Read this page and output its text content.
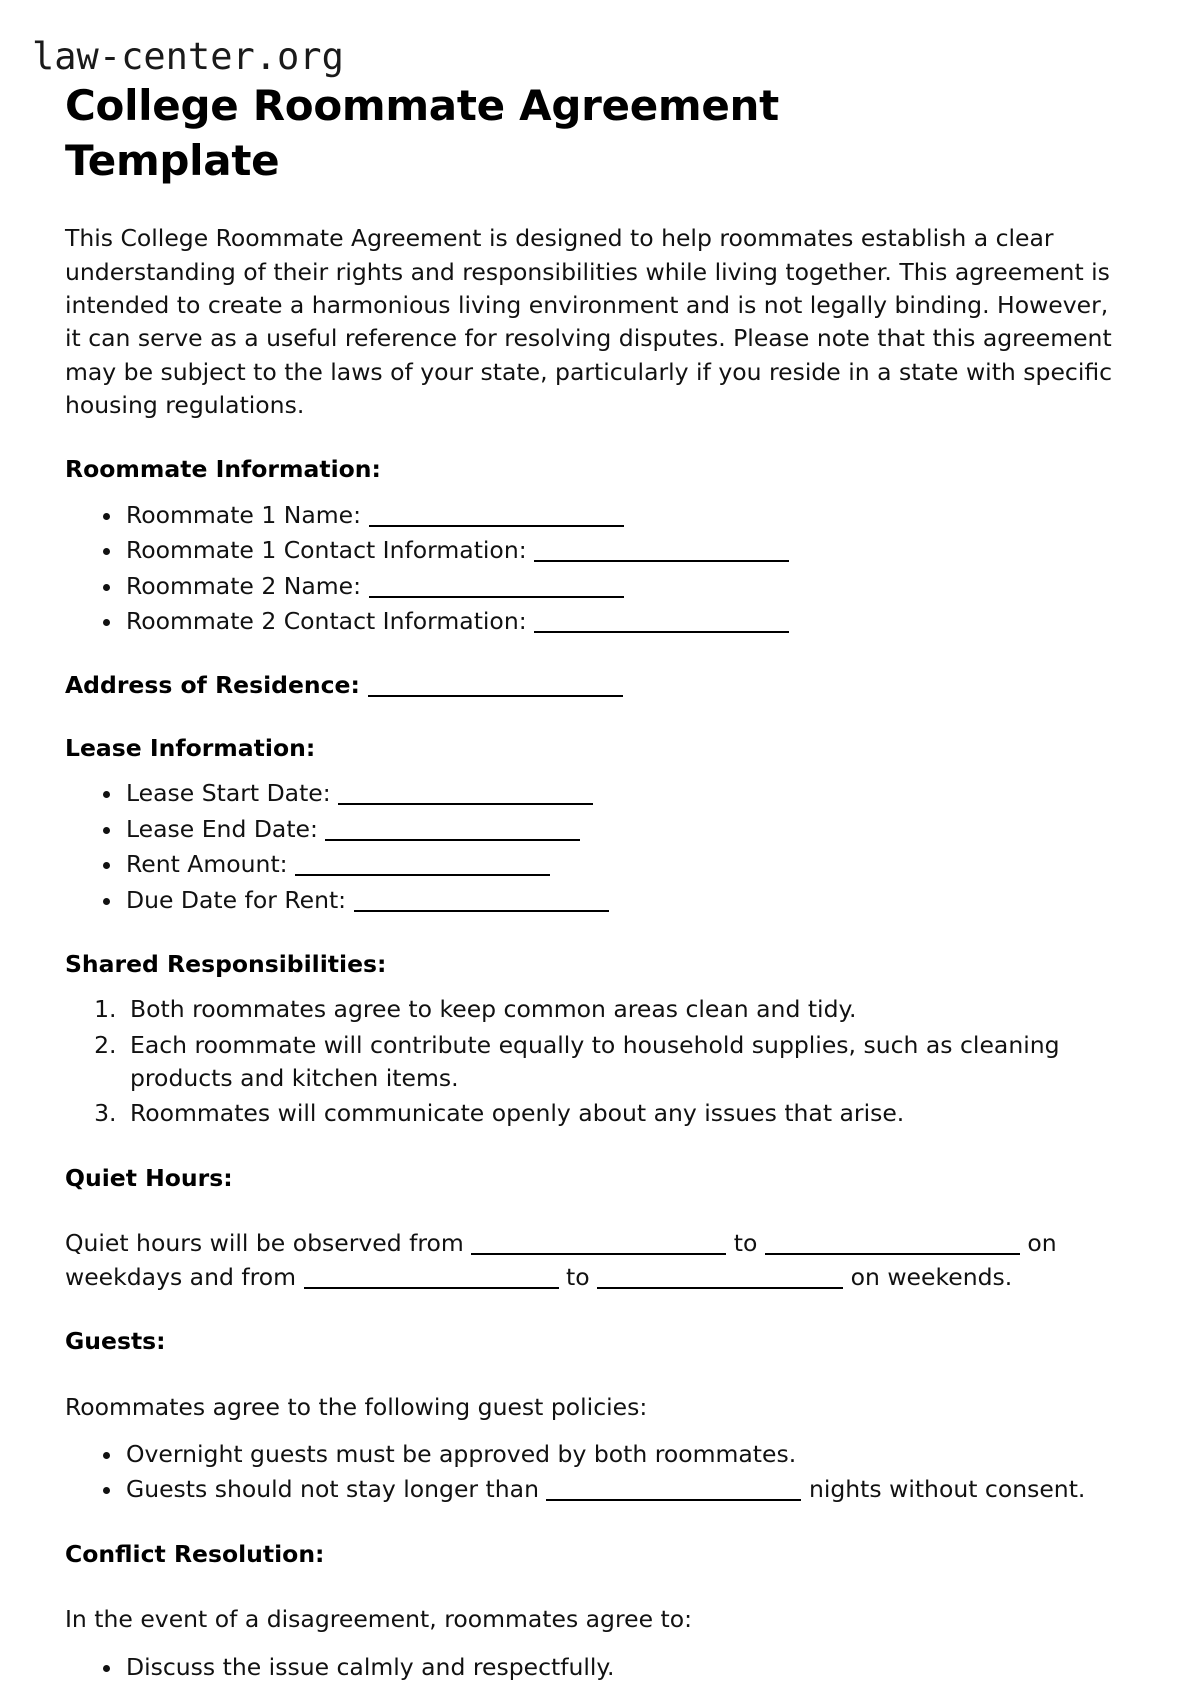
law-center.org
College Roommate Agreement Template

This College Roommate Agreement is designed to help roommates establish a clear understanding of their rights and responsibilities while living together. This agreement is intended to create a harmonious living environment and is not legally binding. However, it can serve as a useful reference for resolving disputes. Please note that this agreement may be subject to the laws of your state, particularly if you reside in a state with specific housing regulations.

Roommate Information:
• Roommate 1 Name:
• Roommate 1 Contact Information:
• Roommate 2 Name:
• Roommate 2 Contact Information:
Address of Residence:
Lease Information:
• Lease Start Date:
• Lease End Date:
• Rent Amount:
• Due Date for Rent:
Shared Responsibilities:
1. Both roommates agree to keep common areas clean and tidy.
2. Each roommate will contribute equally to household supplies, such as cleaning products and kitchen items.
3. Roommates will communicate openly about any issues that arise.
Quiet Hours:

Quiet hours will be observed from	to	on weekdays and from	to	on weekends.

Guests:

Roommates agree to the following guest policies:

• Overnight guests must be approved by both roommates.
• Guests should not stay longer than	nights without consent.
Conflict Resolution:

In the event of a disagreement, roommates agree to:

• Discuss the issue calmly and respectfully.
